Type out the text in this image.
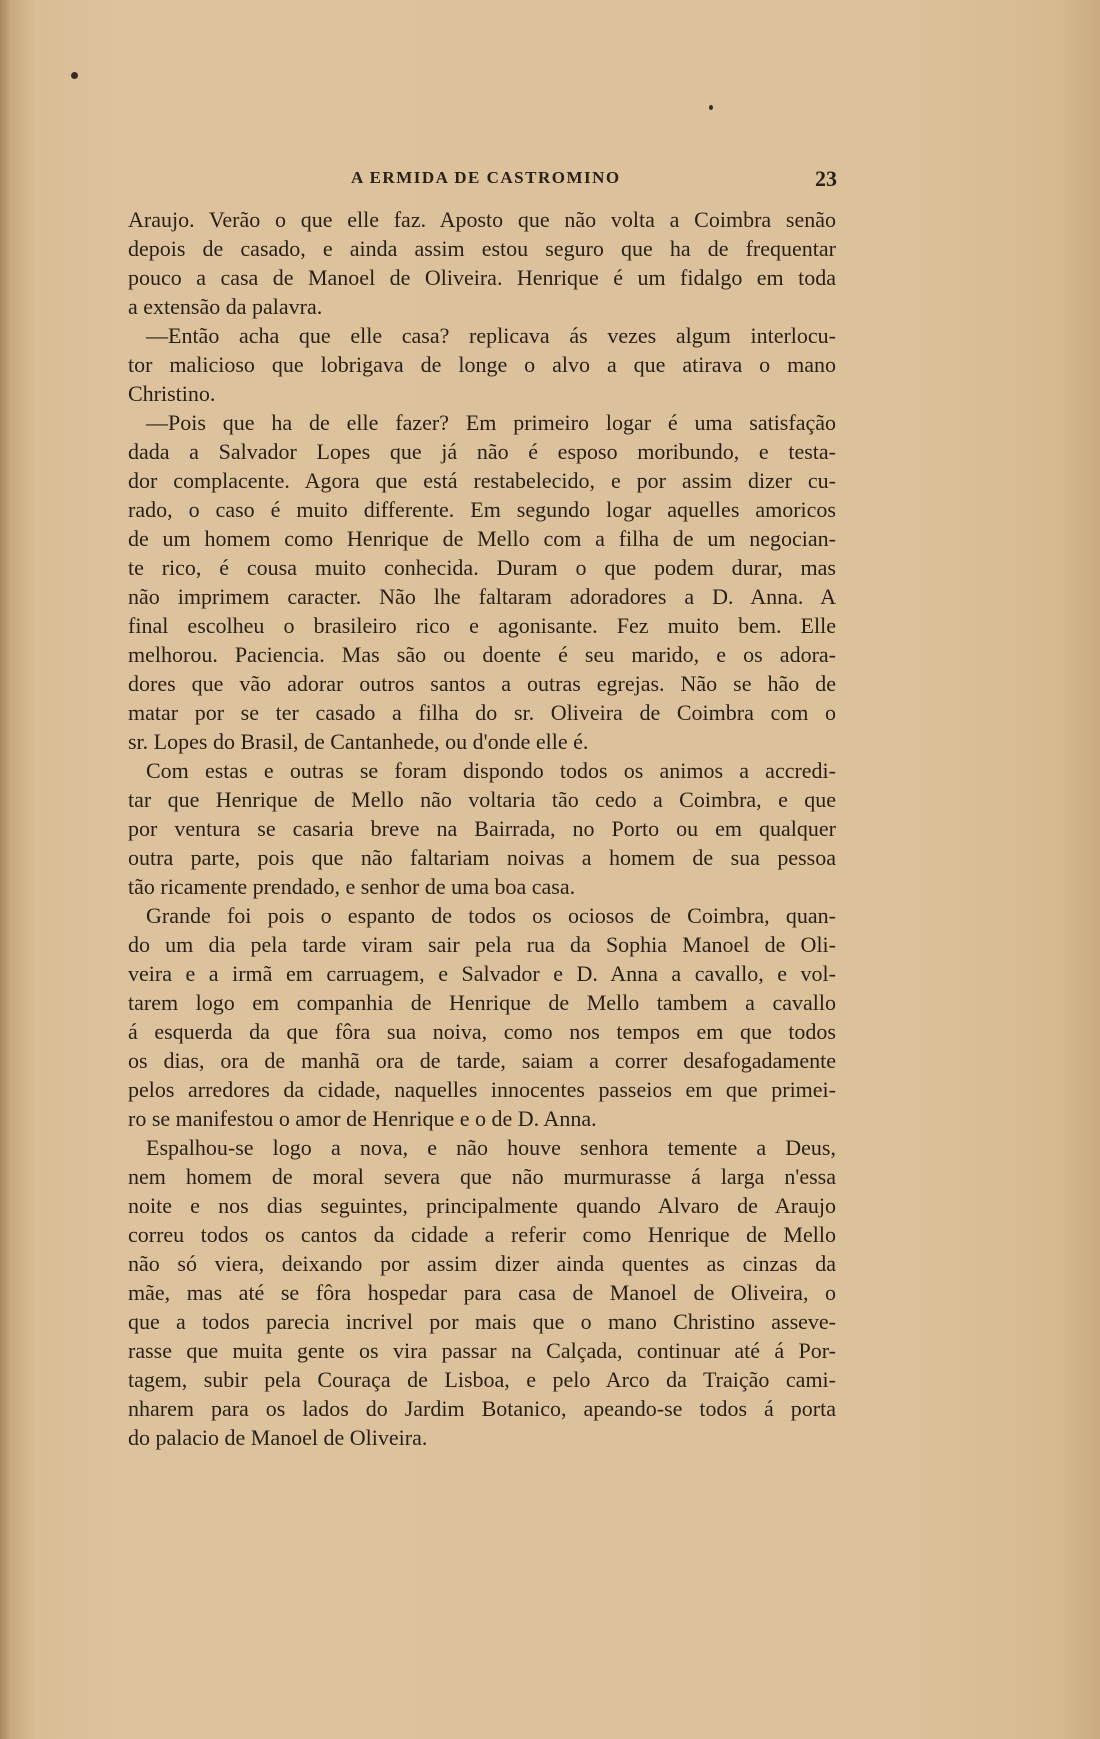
A ERMIDA DE CASTROMINO	23
Araujo. Verão o que elle faz. Aposto que não volta a Coimbra senão
depois de casado, e ainda assim estou seguro que ha de frequentar
pouco a casa de Manoel de Oliveira. Henrique é um fidalgo em toda
a extensão da palavra.
—Então acha que elle casa? replicava ás vezes algum interlocu-
tor malicioso que lobrigava de longe o alvo a que atirava o mano
Christino.
—Pois que ha de elle fazer? Em primeiro logar é uma satisfação
dada a Salvador Lopes que já não é esposo moribundo, e testa-
dor complacente. Agora que está restabelecido, e por assim dizer cu-
rado, o caso é muito differente. Em segundo logar aquelles amoricos
de um homem como Henrique de Mello com a filha de um negocian-
te rico, é cousa muito conhecida. Duram o que podem durar, mas
não imprimem caracter. Não lhe faltaram adoradores a D. Anna. A
final escolheu o brasileiro rico e agonisante. Fez muito bem. Elle
melhorou. Paciencia. Mas são ou doente é seu marido, e os adora-
dores que vão adorar outros santos a outras egrejas. Não se hão de
matar por se ter casado a filha do sr. Oliveira de Coimbra com o
sr. Lopes do Brasil, de Cantanhede, ou d'onde elle é.
Com estas e outras se foram dispondo todos os animos a accredi-
tar que Henrique de Mello não voltaria tão cedo a Coimbra, e que
por ventura se casaria breve na Bairrada, no Porto ou em qualquer
outra parte, pois que não faltariam noivas a homem de sua pessoa
tão ricamente prendado, e senhor de uma boa casa.
Grande foi pois o espanto de todos os ociosos de Coimbra, quan-
do um dia pela tarde viram sair pela rua da Sophia Manoel de Oli-
veira e a irmã em carruagem, e Salvador e D. Anna a cavallo, e vol-
tarem logo em companhia de Henrique de Mello tambem a cavallo
á esquerda da que fôra sua noiva, como nos tempos em que todos
os dias, ora de manhã ora de tarde, saiam a correr desafogadamente
pelos arredores da cidade, naquelles innocentes passeios em que primei-
ro se manifestou o amor de Henrique e o de D. Anna.
Espalhou-se logo a nova, e não houve senhora temente a Deus,
nem homem de moral severa que não murmurasse á larga n'essa
noite e nos dias seguintes, principalmente quando Alvaro de Araujo
correu todos os cantos da cidade a referir como Henrique de Mello
não só viera, deixando por assim dizer ainda quentes as cinzas da
mãe, mas até se fôra hospedar para casa de Manoel de Oliveira, o
que a todos parecia incrivel por mais que o mano Christino asseve-
rasse que muita gente os vira passar na Calçada, continuar até á Por-
tagem, subir pela Couraça de Lisboa, e pelo Arco da Traição cami-
nharem para os lados do Jardim Botanico, apeando-se todos á porta
do palacio de Manoel de Oliveira.
